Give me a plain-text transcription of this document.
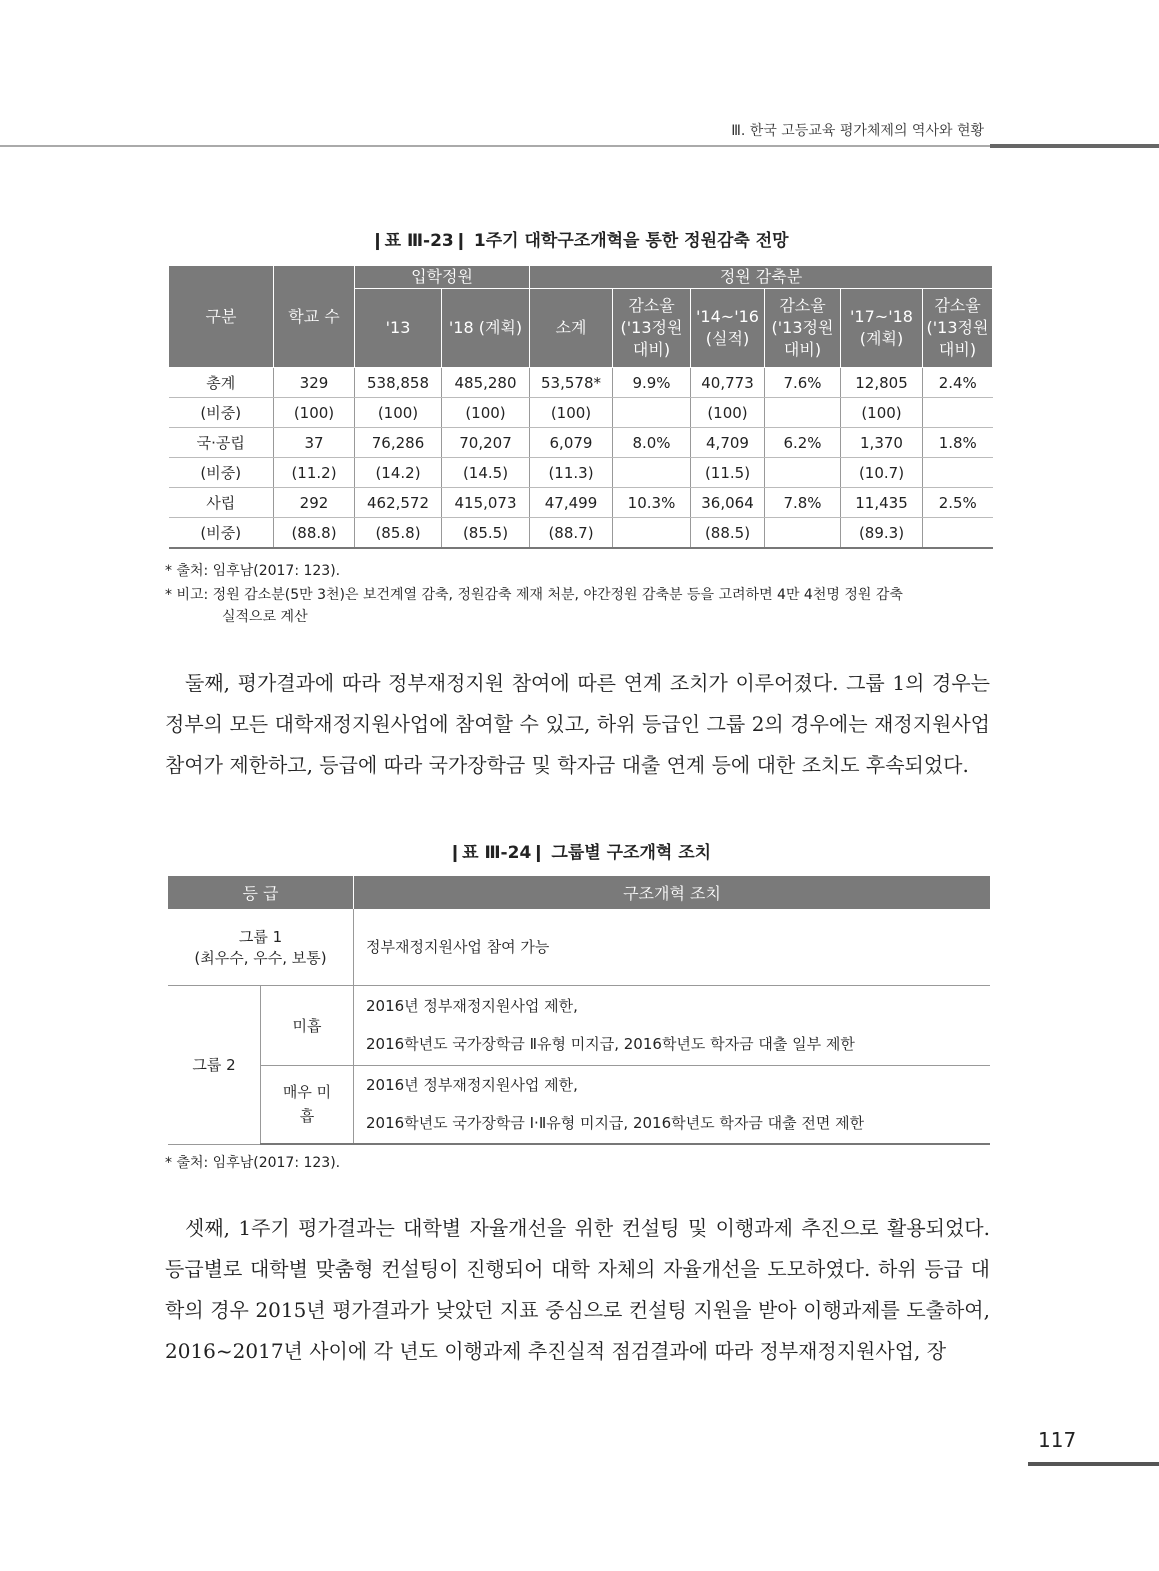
Ⅲ. 한국 고등교육 평가체제의 역사와 현황
❙표 Ⅲ-23❙ 1주기 대학구조개혁을 통한 정원감축 전망
구분	학교 수	입학정원		정원 감축분					
		'13	'18 (계획)	소계	감소율 ('13정원 대비)	'14~'16 (실적)	감소율 ('13정원 대비)	'17~'18 (계획)	감소율 ('13정원 대비)
총계	329	538,858	485,280	53,578*	9.9%	40,773	7.6%	12,805	2.4%
(비중)	(100)	(100)	(100)	(100)		(100)		(100)	
국·공립	37	76,286	70,207	6,079	8.0%	4,709	6.2%	1,370	1.8%
(비중)	(11.2)	(14.2)	(14.5)	(11.3)		(11.5)		(10.7)	
사립	292	462,572	415,073	47,499	10.3%	36,064	7.8%	11,435	2.5%
(비중)	(88.8)	(85.8)	(85.5)	(88.7)		(88.5)		(89.3)	
* 출처: 임후남(2017: 123).
* 비고: 정원 감소분(5만 3천)은 보건계열 감축, 정원감축 제재 처분, 야간정원 감축분 등을 고려하면 4만 4천명 정원 감축
실적으로 계산
둘째, 평가결과에 따라 정부재정지원 참여에 따른 연계 조치가 이루어졌다. 그룹 1의 경우는 정부의 모든 대학재정지원사업에 참여할 수 있고, 하위 등급인 그룹 2의 경우에는 재정지원사업 참여가 제한하고, 등급에 따라 국가장학금 및 학자금 대출 연계 등에 대한 조치도 후속되었다.
❙표 Ⅲ-24❙ 그룹별 구조개혁 조치
등 급		구조개혁 조치

그룹 1
(최우수, 우수, 보통)		정부재정지원사업 참여 가능
그룹 2	미흡	2016년 정부재정지원사업 제한,
2016학년도 국가장학금 Ⅱ유형 미지급, 2016학년도 학자금 대출 일부 제한

	매우 미흡	2016년 정부재정지원사업 제한,
2016학년도 국가장학금 Ⅰ·Ⅱ유형 미지급, 2016학년도 학자금 대출 전면 제한
* 출처: 임후남(2017: 123).
셋째, 1주기 평가결과는 대학별 자율개선을 위한 컨설팅 및 이행과제 추진으로 활용되었다. 등급별로 대학별 맞춤형 컨설팅이 진행되어 대학 자체의 자율개선을 도모하였다. 하위 등급 대학의 경우 2015년 평가결과가 낮았던 지표 중심으로 컨설팅 지원을 받아 이행과제를 도출하여, 2016~2017년 사이에 각 년도 이행과제 추진실적 점검결과에 따라 정부재정지원사업, 장
117
